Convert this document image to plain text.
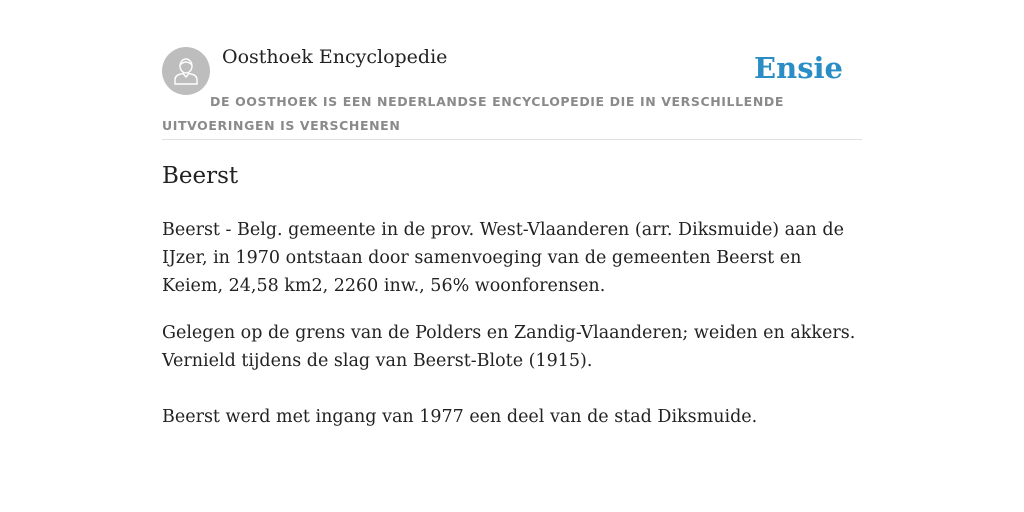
Oosthoek Encyclopedie	Ensie
DE OOSTHOEK IS EEN NEDERLANDSE ENCYCLOPEDIE DIE IN VERSCHILLENDE UITVOERINGEN IS VERSCHENEN
Beerst

Beerst - Belg. gemeente in de prov. West-Vlaanderen (arr. Diksmuide) aan de IJzer, in 1970 ontstaan door samenvoeging van de gemeenten Beerst en Keiem, 24,58 km2, 2260 inw., 56% woonforensen.

Gelegen op de grens van de Polders en Zandig-Vlaanderen; weiden en akkers. Vernield tijdens de slag van Beerst-Blote (1915).

Beerst werd met ingang van 1977 een deel van de stad Diksmuide.
